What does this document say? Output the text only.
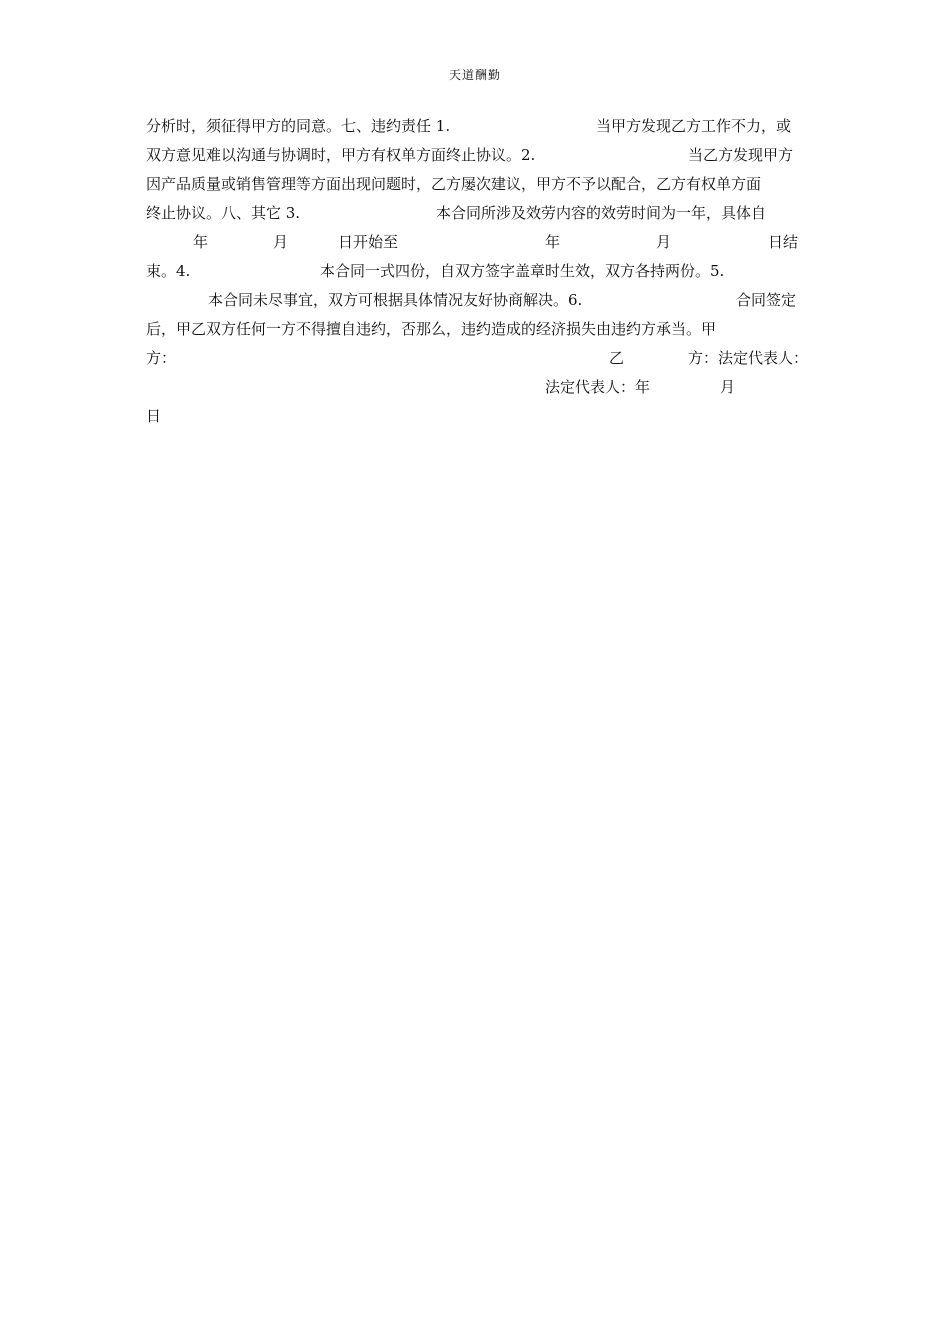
天道酬勤
分析时，须征得甲方的同意。七、违约责任 1.	当甲方发现乙方工作不力，或
双方意见难以沟通与协调时，甲方有权单方面终止协议。2.	当乙方发现甲方
因产品质量或销售管理等方面出现问题时，乙方屡次建议，甲方不予以配合，乙方有权单方面
终止协议。八、其它 3.	本合同所涉及效劳内容的效劳时间为一年，具体自
年	月	日开始至	年	月	日结
束。4.	本合同一式四份，自双方签字盖章时生效，双方各持两份。5.
本合同未尽事宜，双方可根据具体情况友好协商解决。6.	合同签定
后，甲乙双方任何一方不得擅自违约，否那么，违约造成的经济损失由违约方承当。甲
方：	乙	方：法定代表人：
法定代表人：年	月
日
